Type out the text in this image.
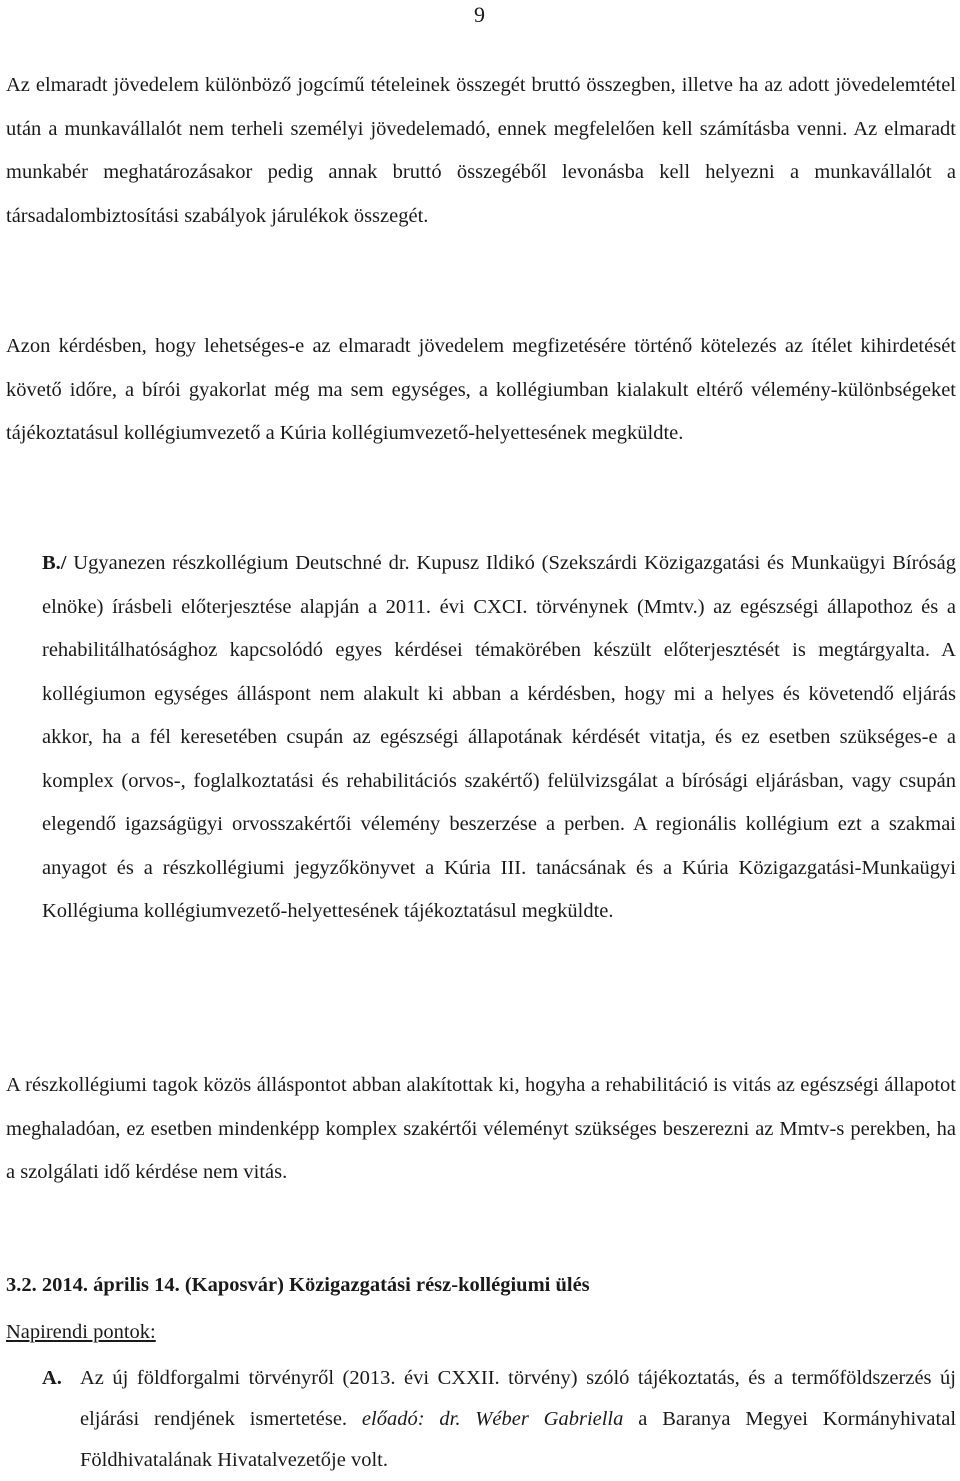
9

Az elmaradt jövedelem különböző jogcímű tételeinek összegét bruttó összegben, illetve ha az adott jövedelemtétel után a munkavállalót nem terheli személyi jövedelemadó, ennek megfelelően kell számításba venni. Az elmaradt munkabér meghatározásakor pedig annak bruttó összegéből levonásba kell helyezni a munkavállalót a társadalombiztosítási szabályok járulékok összegét.

Azon kérdésben, hogy lehetséges-e az elmaradt jövedelem megfizetésére történő kötelezés az ítélet kihirdetését követő időre, a bírói gyakorlat még ma sem egységes, a kollégiumban kialakult eltérő vélemény-különbségeket tájékoztatásul kollégiumvezető a Kúria kollégiumvezető-helyettesének megküldte.

B./ Ugyanezen részkollégium Deutschné dr. Kupusz Ildikó (Szekszárdi Közigazgatási és Munkaügyi Bíróság elnöke) írásbeli előterjesztése alapján a 2011. évi CXCI. törvénynek (Mmtv.) az egészségi állapothoz és a rehabilitálhatósághoz kapcsolódó egyes kérdései témakörében készült előterjesztését is megtárgyalta. A kollégiumon egységes álláspont nem alakult ki abban a kérdésben, hogy mi a helyes és követendő eljárás akkor, ha a fél keresetében csupán az egészségi állapotának kérdését vitatja, és ez esetben szükséges-e a komplex (orvos-, foglalkoztatási és rehabilitációs szakértő) felülvizsgálat a bírósági eljárásban, vagy csupán elegendő igazságügyi orvosszakértői vélemény beszerzése a perben. A regionális kollégium ezt a szakmai anyagot és a részkollégiumi jegyzőkönyvet a Kúria III. tanácsának és a Kúria Közigazgatási-Munkaügyi Kollégiuma kollégiumvezető-helyettesének tájékoztatásul megküldte.

A részkollégiumi tagok közös álláspontot abban alakítottak ki, hogyha a rehabilitáció is vitás az egészségi állapotot meghaladóan, ez esetben mindenképp komplex szakértői véleményt szükséges beszerezni az Mmtv-s perekben, ha a szolgálati idő kérdése nem vitás.

3.2. 2014. április 14. (Kaposvár) Közigazgatási rész-kollégiumi ülés

Napirendi pontok:

A. Az új földforgalmi törvényről (2013. évi CXXII. törvény) szóló tájékoztatás, és a termőföldszerzés új eljárási rendjének ismertetése. előadó: dr. Wéber Gabriella a Baranya Megyei Kormányhivatal Földhivatalának Hivatalvezetője volt.
